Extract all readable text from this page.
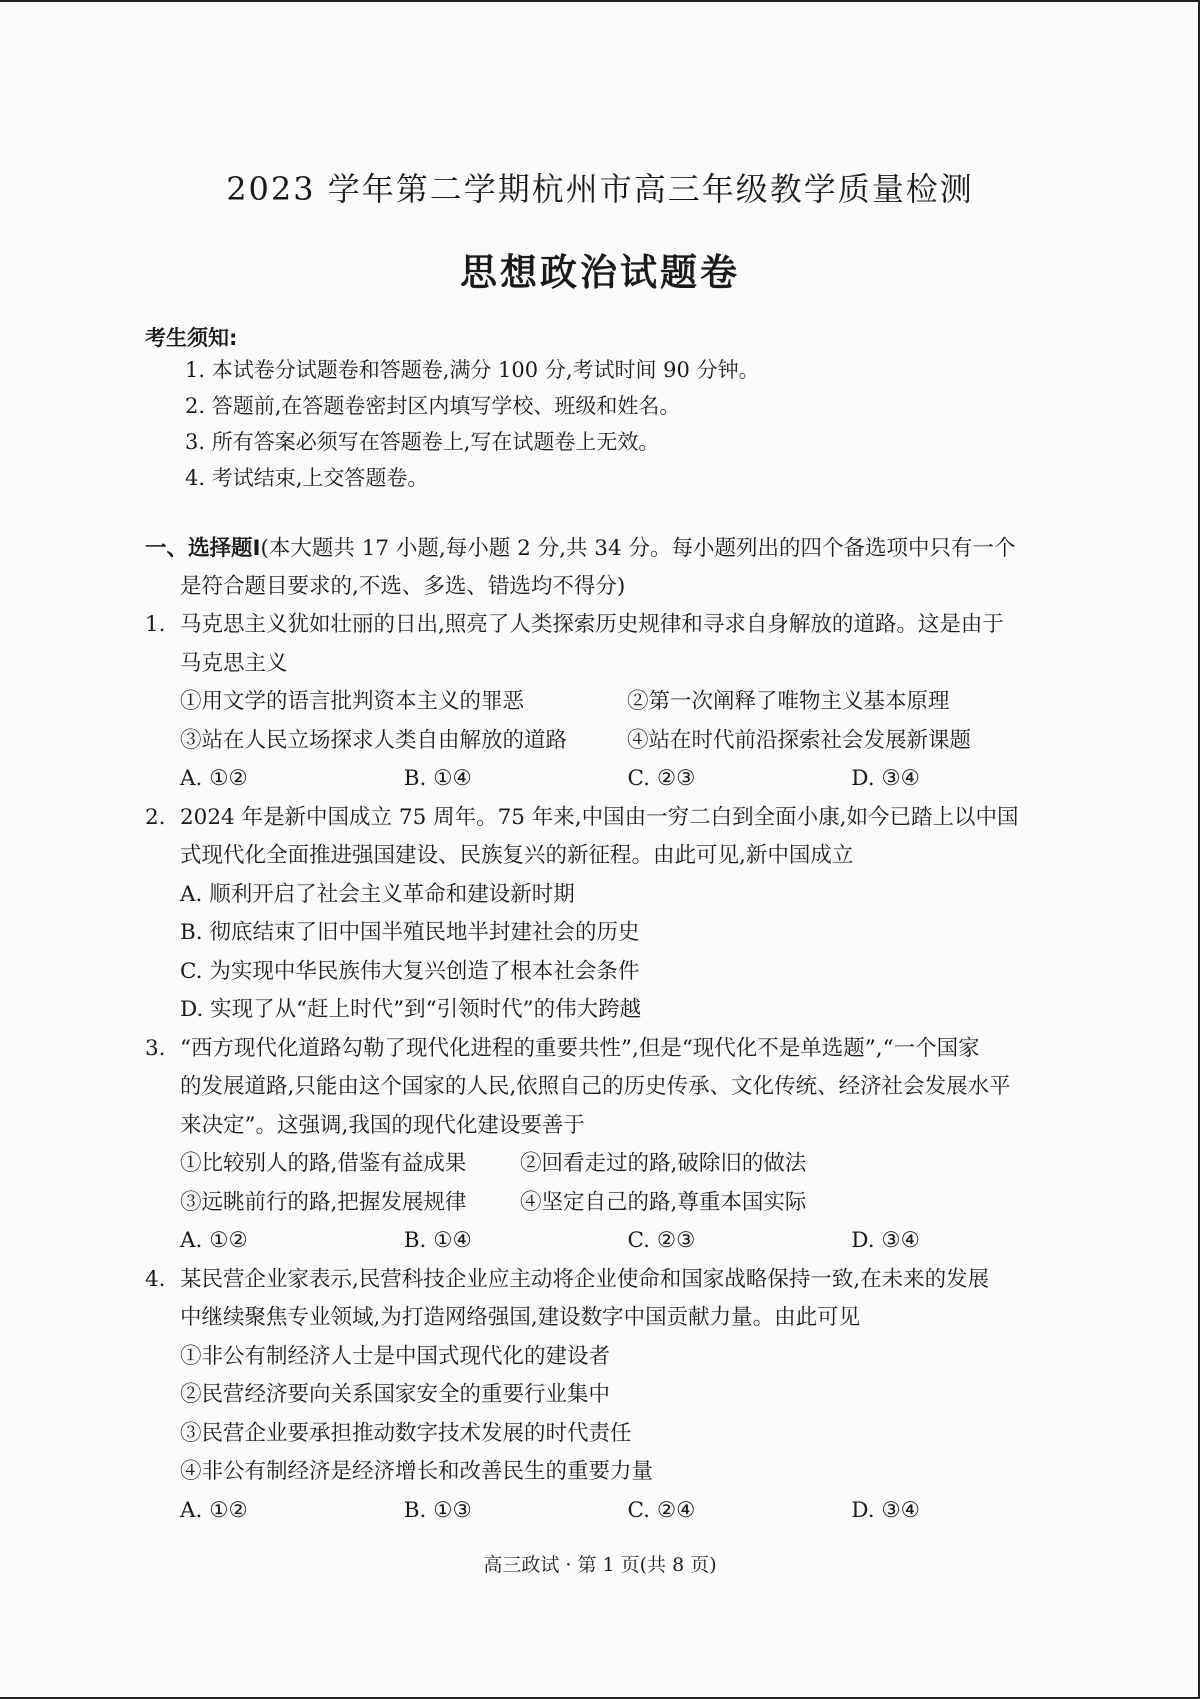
2023 学年第二学期杭州市高三年级教学质量检测
思想政治试题卷
考生须知:
1. 本试卷分试题卷和答题卷,满分 100 分,考试时间 90 分钟。
2. 答题前,在答题卷密封区内填写学校、班级和姓名。
3. 所有答案必须写在答题卷上,写在试题卷上无效。
4. 考试结束,上交答题卷。
一、选择题Ⅰ(本大题共 17 小题,每小题 2 分,共 34 分。每小题列出的四个备选项中只有一个
是符合题目要求的,不选、多选、错选均不得分)
1. 马克思主义犹如壮丽的日出,照亮了人类探索历史规律和寻求自身解放的道路。这是由于
马克思主义
①用文学的语言批判资本主义的罪恶	②第一次阐释了唯物主义基本原理
③站在人民立场探求人类自由解放的道路	④站在时代前沿探索社会发展新课题
A. ①②	B. ①④	C. ②③	D. ③④
2. 2024 年是新中国成立 75 周年。75 年来,中国由一穷二白到全面小康,如今已踏上以中国
式现代化全面推进强国建设、民族复兴的新征程。由此可见,新中国成立
A. 顺利开启了社会主义革命和建设新时期
B. 彻底结束了旧中国半殖民地半封建社会的历史
C. 为实现中华民族伟大复兴创造了根本社会条件
D. 实现了从“赶上时代”到“引领时代”的伟大跨越
3. “西方现代化道路勾勒了现代化进程的重要共性”,但是“现代化不是单选题”,“一个国家
的发展道路,只能由这个国家的人民,依照自己的历史传承、文化传统、经济社会发展水平
来决定”。这强调,我国的现代化建设要善于
①比较别人的路,借鉴有益成果	②回看走过的路,破除旧的做法
③远眺前行的路,把握发展规律	④坚定自己的路,尊重本国实际
A. ①②	B. ①④	C. ②③	D. ③④
4. 某民营企业家表示,民营科技企业应主动将企业使命和国家战略保持一致,在未来的发展
中继续聚焦专业领域,为打造网络强国,建设数字中国贡献力量。由此可见
①非公有制经济人士是中国式现代化的建设者
②民营经济要向关系国家安全的重要行业集中
③民营企业要承担推动数字技术发展的时代责任
④非公有制经济是经济增长和改善民生的重要力量
A. ①②	B. ①③	C. ②④	D. ③④
高三政试 · 第 1 页(共 8 页)
